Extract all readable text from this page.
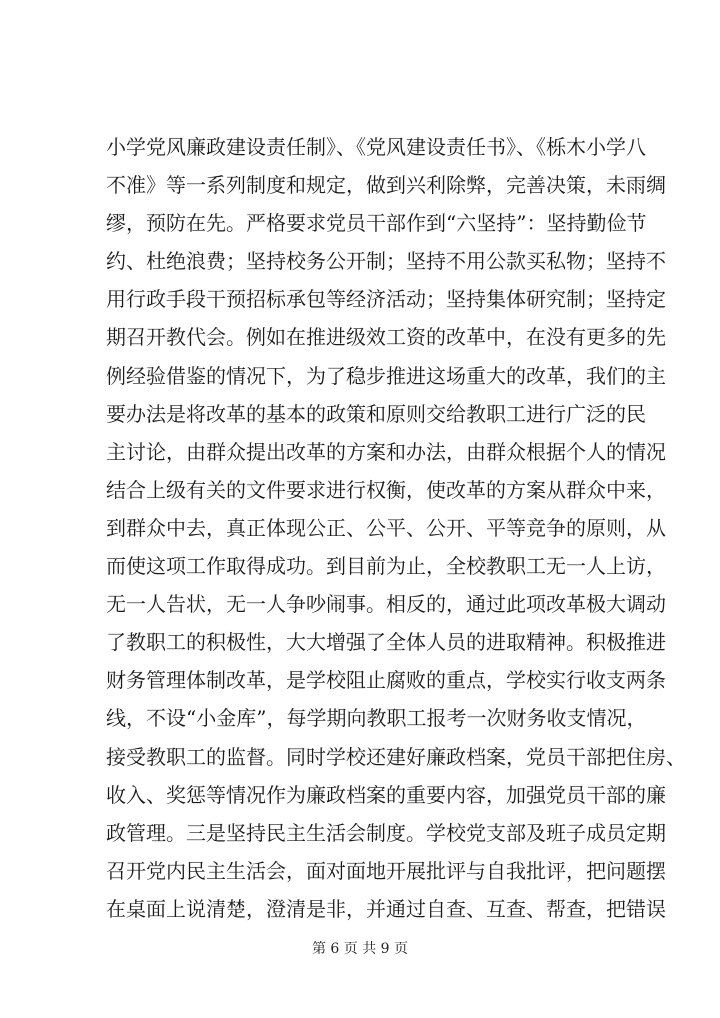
小学党风廉政建设责任制》、《党风建设责任书》、《栎木小学八
不准》等一系列制度和规定，做到兴利除弊，完善决策，未雨绸
缪，预防在先。严格要求党员干部作到“六坚持”：坚持勤俭节
约、杜绝浪费；坚持校务公开制；坚持不用公款买私物；坚持不
用行政手段干预招标承包等经济活动；坚持集体研究制；坚持定
期召开教代会。例如在推进级效工资的改革中，在没有更多的先
例经验借鉴的情况下，为了稳步推进这场重大的改革，我们的主
要办法是将改革的基本的政策和原则交给教职工进行广泛的民
主讨论，由群众提出改革的方案和办法，由群众根据个人的情况
结合上级有关的文件要求进行权衡，使改革的方案从群众中来，
到群众中去，真正体现公正、公平、公开、平等竞争的原则，从
而使这项工作取得成功。到目前为止，全校教职工无一人上访，
无一人告状，无一人争吵闹事。相反的，通过此项改革极大调动
了教职工的积极性，大大增强了全体人员的进取精神。积极推进
财务管理体制改革，是学校阻止腐败的重点，学校实行收支两条
线，不设“小金库”，每学期向教职工报考一次财务收支情况，
接受教职工的监督。同时学校还建好廉政档案，党员干部把住房、
收入、奖惩等情况作为廉政档案的重要内容，加强党员干部的廉
政管理。三是坚持民主生活会制度。学校党支部及班子成员定期
召开党内民主生活会，面对面地开展批评与自我批评，把问题摆
在桌面上说清楚，澄清是非，并通过自查、互查、帮查，把错误
第 6 页 共 9 页
